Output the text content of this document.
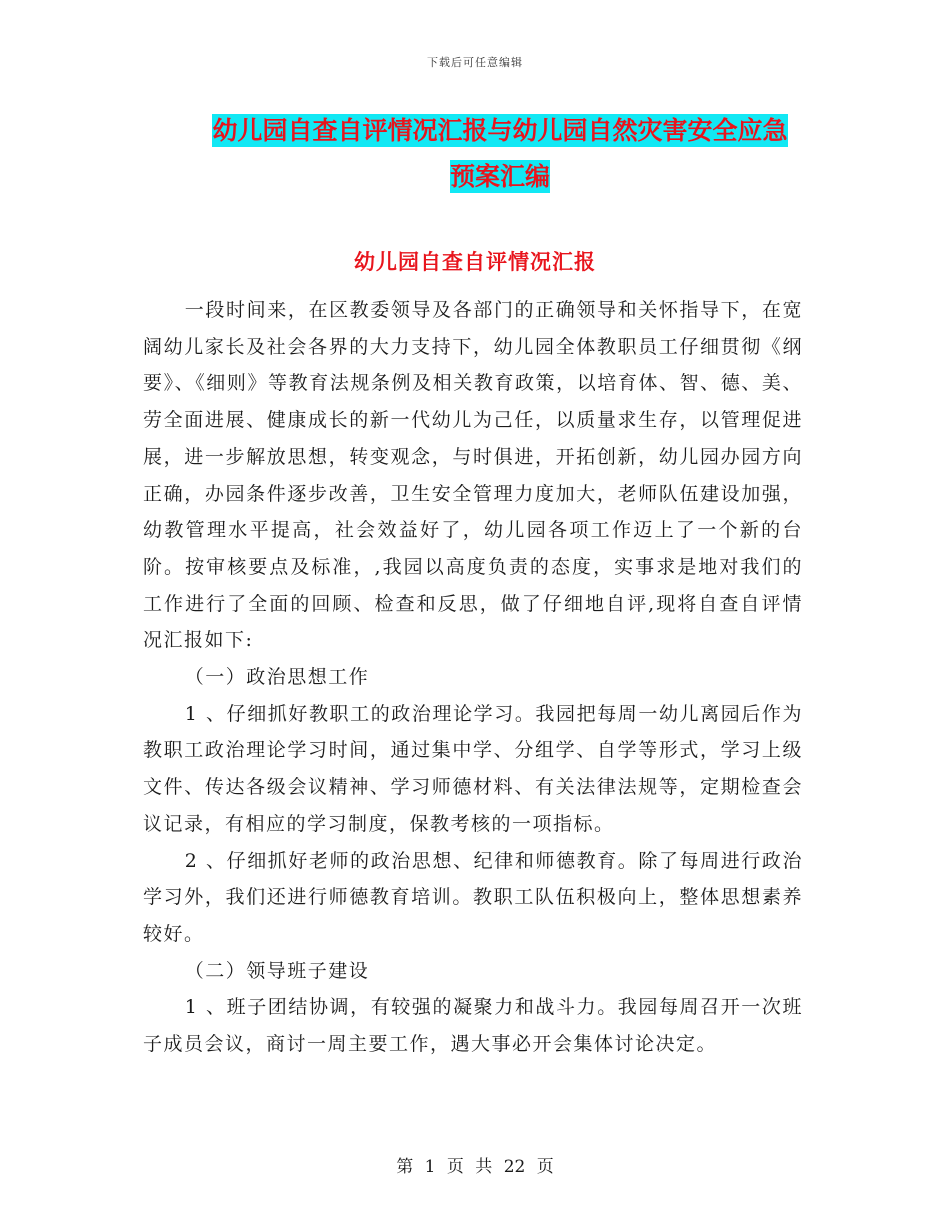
下载后可任意编辑
幼儿园自查自评情况汇报与幼儿园自然灾害安全应急
预案汇编
幼儿园自查自评情况汇报

一段时间来，在区教委领导及各部门的正确领导和关怀指导下，在宽阔幼儿家长及社会各界的大力支持下，幼儿园全体教职员工仔细贯彻《纲要》、《细则》等教育法规条例及相关教育政策，以培育体、智、德、美、劳全面进展、健康成长的新一代幼儿为己任，以质量求生存，以管理促进展，进一步解放思想，转变观念，与时俱进，开拓创新，幼儿园办园方向正确，办园条件逐步改善，卫生安全管理力度加大，老师队伍建设加强，幼教管理水平提高，社会效益好了，幼儿园各项工作迈上了一个新的台阶。按审核要点及标准，,我园以高度负责的态度，实事求是地对我们的工作进行了全面的回顾、检查和反思，做了仔细地自评,现将自查自评情况汇报如下:

（一）政治思想工作

1 、仔细抓好教职工的政治理论学习。我园把每周一幼儿离园后作为教职工政治理论学习时间，通过集中学、分组学、自学等形式，学习上级文件、传达各级会议精神、学习师德材料、有关法律法规等，定期检查会议记录，有相应的学习制度，保教考核的一项指标。

2 、仔细抓好老师的政治思想、纪律和师德教育。除了每周进行政治学习外，我们还进行师德教育培训。教职工队伍积极向上，整体思想素养较好。

（二）领导班子建设

1 、班子团结协调，有较强的凝聚力和战斗力。我园每周召开一次班子成员会议，商讨一周主要工作，遇大事必开会集体讨论决定。

第 1 页 共 22 页
